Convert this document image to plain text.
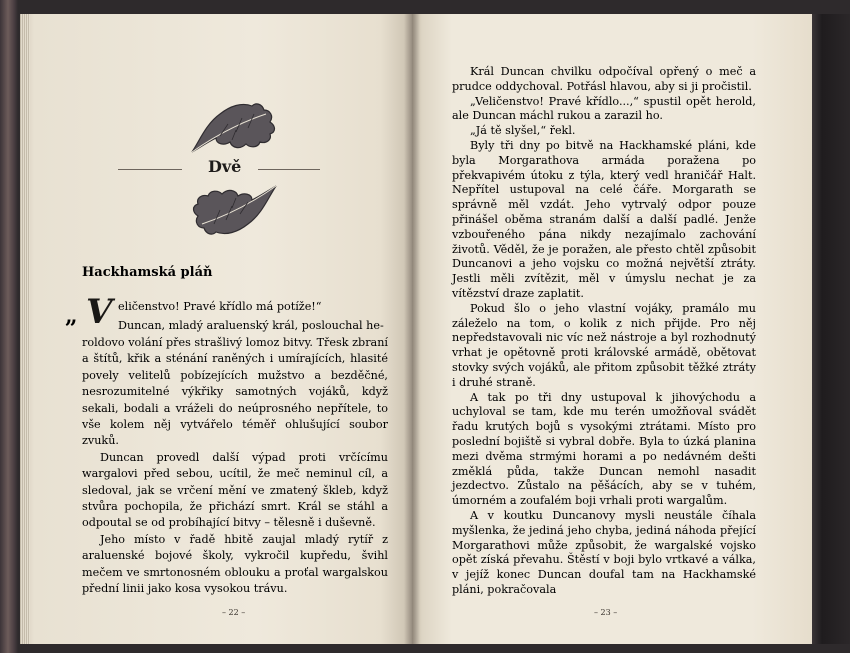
Dvě
Hackhamská pláň
„ V eličenstvo! Pravé křídlo má potíže!“

Duncan, mladý araluenský král, poslouchal he-

roldovo volání přes strašlivý lomoz bitvy. Třesk zbraní a štítů, křik a sténání raněných i umírajících, hlasité povely velitelů pobízejících mužstvo a bezděčné, nesrozumitelné výkřiky samotných vojáků, když sekali, bodali a vráželi do neúprosného nepřítele, to vše kolem něj vytvářelo téměř ohlušující soubor zvuků.

Duncan provedl další výpad proti vrčícímu wargalovi před sebou, ucítil, že meč neminul cíl, a sledoval, jak se vrčení mění ve zmatený škleb, když stvůra pochopila, že přichází smrt. Král se stáhl a odpoutal se od probíhající bitvy – tělesně i duševně.

Jeho místo v řadě hbitě zaujal mladý rytíř z araluenské bojové školy, vykročil kupředu, švihl mečem ve smrtonosném oblouku a proťal wargalskou přední linii jako kosa vysokou trávu.

– 22 –

Král Duncan chvilku odpočíval opřený o meč a prudce oddychoval. Potřásl hlavou, aby si ji pročistil.

„Veličenstvo! Pravé křídlo...,“ spustil opět herold, ale Duncan máchl rukou a zarazil ho.

„Já tě slyšel,“ řekl.

Byly tři dny po bitvě na Hackhamské pláni, kde byla Morgarathova armáda poražena po překvapivém útoku z týla, který vedl hraničář Halt. Nepřítel ustupoval na celé čáře. Morgarath se správně měl vzdát. Jeho vytrvalý odpor pouze přinášel oběma stranám další a další padlé. Jenže vzbouřeného pána nikdy nezajímalo zachování životů. Věděl, že je poražen, ale přesto chtěl způsobit Duncanovi a jeho vojsku co možná největší ztráty. Jestli měli zvítězit, měl v úmyslu nechat je za vítězství draze zaplatit.

Pokud šlo o jeho vlastní vojáky, pramálo mu záleželo na tom, o kolik z nich přijde. Pro něj nepředstavovali nic víc než nástroje a byl rozhodnutý vrhat je opětovně proti královské armádě, obětovat stovky svých vojáků, ale přitom způsobit těžké ztráty i druhé straně.

A tak po tři dny ustupoval k jihovýchodu a uchyloval se tam, kde mu terén umožňoval svádět řadu krutých bojů s vysokými ztrátami. Místo pro poslední bojiště si vybral dobře. Byla to úzká planina mezi dvěma strmými horami a po nedávném dešti změklá půda, takže Duncan nemohl nasadit jezdectvo. Zůstalo na pěšácích, aby se v tuhém, úmorném a zoufalém boji vrhali proti wargalům.

A v koutku Duncanovy mysli neustále číhala myšlenka, že jediná jeho chyba, jediná náhoda přející Morgarathovi může způsobit, že wargalské vojsko opět získá převahu. Štěstí v boji bylo vrtkavé a válka, v jejíž konec Duncan doufal tam na Hackhamské pláni, pokračovala

– 23 –
